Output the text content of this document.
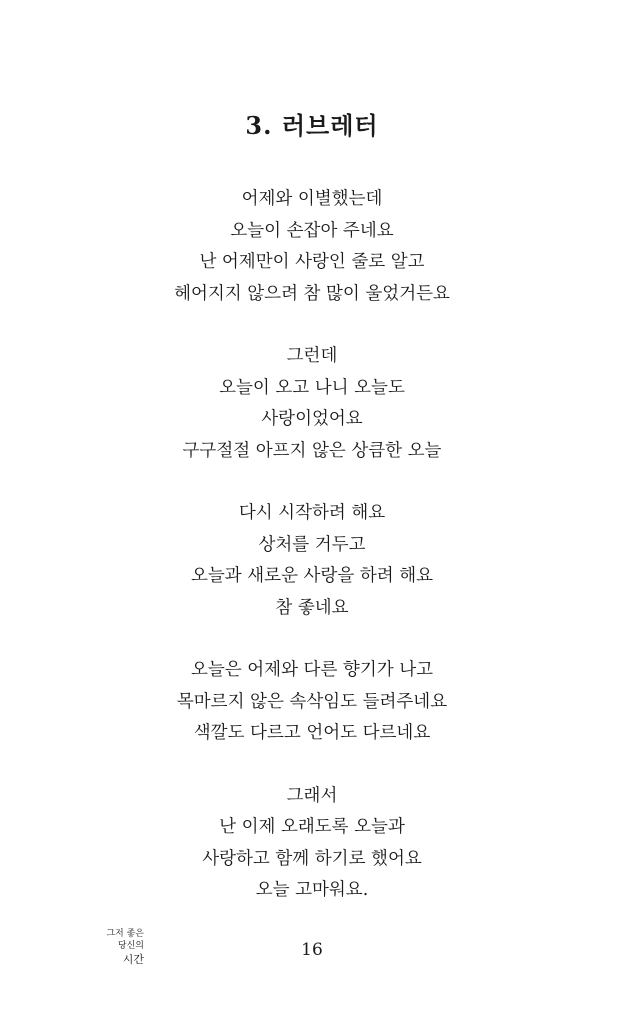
3. 러브레터
어제와 이별했는데
오늘이 손잡아 주네요
난 어제만이 사랑인 줄로 알고
헤어지지 않으려 참 많이 울었거든요
그런데
오늘이 오고 나니 오늘도
사랑이었어요
구구절절 아프지 않은 상큼한 오늘
다시 시작하려 해요
상처를 거두고
오늘과 새로운 사랑을 하려 해요
참 좋네요
오늘은 어제와 다른 향기가 나고
목마르지 않은 속삭임도 들려주네요
색깔도 다르고 언어도 다르네요
그래서
난 이제 오래도록 오늘과
사랑하고 함께 하기로 했어요
오늘 고마워요.
그저 좋은
당신의
시간	16
